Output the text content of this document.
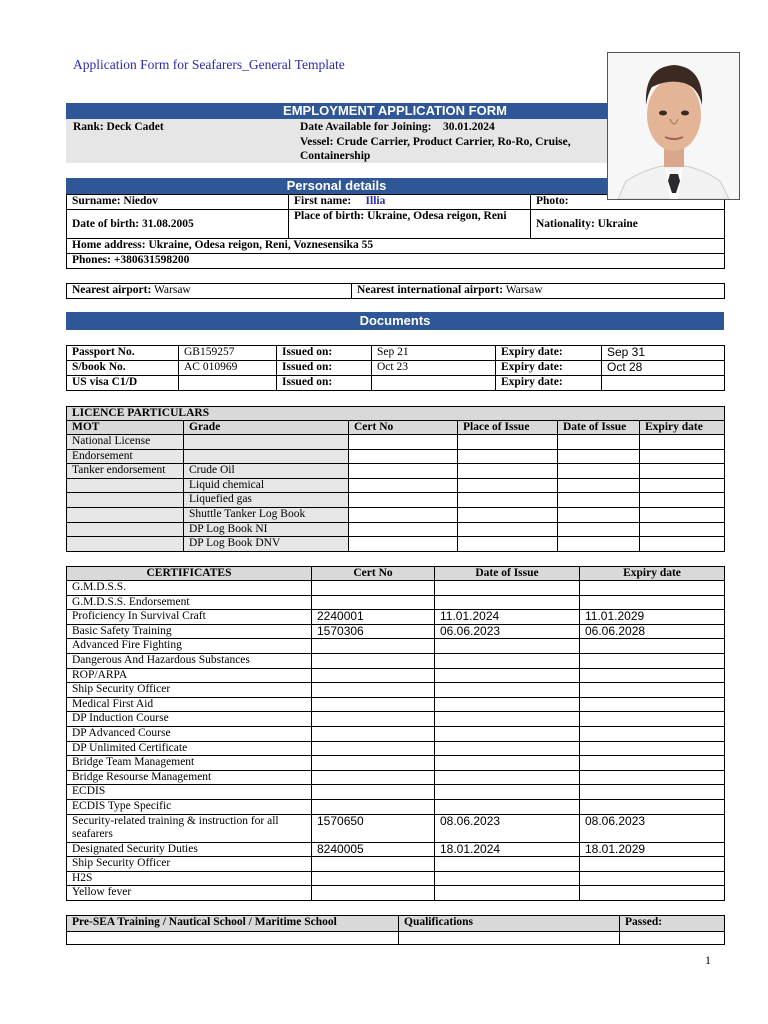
Application Form for Seafarers_General Template
EMPLOYMENT APPLICATION FORM
Rank: Deck Cadet	Date Available for Joining: 30.01.2024
Vessel: Crude Carrier, Product Carrier, Ro-Ro, Cruise, Containership
Personal details
Surname: Niedov	First name: Illia	Photo:
Date of birth: 31.08.2005	Place of birth: Ukraine, Odesa reigon, Reni	Nationality: Ukraine
Home address: Ukraine, Odesa reigon, Reni, Voznesensika 55		
Phones: +380631598200		
Nearest airport: Warsaw	Nearest international airport: Warsaw
Documents
Passport No.	GB159257	Issued on:	Sep 21	Expiry date:	Sep 31
S/book No.	AC 010969	Issued on:	Oct 23	Expiry date:	Oct 28
US visa C1/D		Issued on:		Expiry date:	
LICENCE PARTICULARS					
MOT	Grade	Cert No	Place of Issue	Date of Issue	Expiry date
National License					
Endorsement					
Tanker endorsement	Crude Oil				
	Liquid chemical				
	Liquefied gas				
	Shuttle Tanker Log Book				
	DP Log Book NI				
	DP Log Book DNV				
CERTIFICATES	Cert No	Date of Issue	Expiry date
G.M.D.S.S.			
G.M.D.S.S. Endorsement			
Proficiency In Survival Craft	2240001	11.01.2024	11.01.2029
Basic Safety Training	1570306	06.06.2023	06.06.2028
Advanced Fire Fighting			
Dangerous And Hazardous Substances			
ROP/ARPA			
Ship Security Officer			
Medical First Aid			
DP Induction Course			
DP Advanced Course			
DP Unlimited Certificate			
Bridge Team Management			
Bridge Resourse Management			
ECDIS			
ECDIS Type Specific			
Security-related training & instruction for all seafarers	1570650	08.06.2023	08.06.2023
Designated Security Duties	8240005	18.01.2024	18.01.2029
Ship Security Officer			
H2S			
Yellow fever			
Pre-SEA Training / Nautical School / Maritime School	Qualifications	Passed:

1
